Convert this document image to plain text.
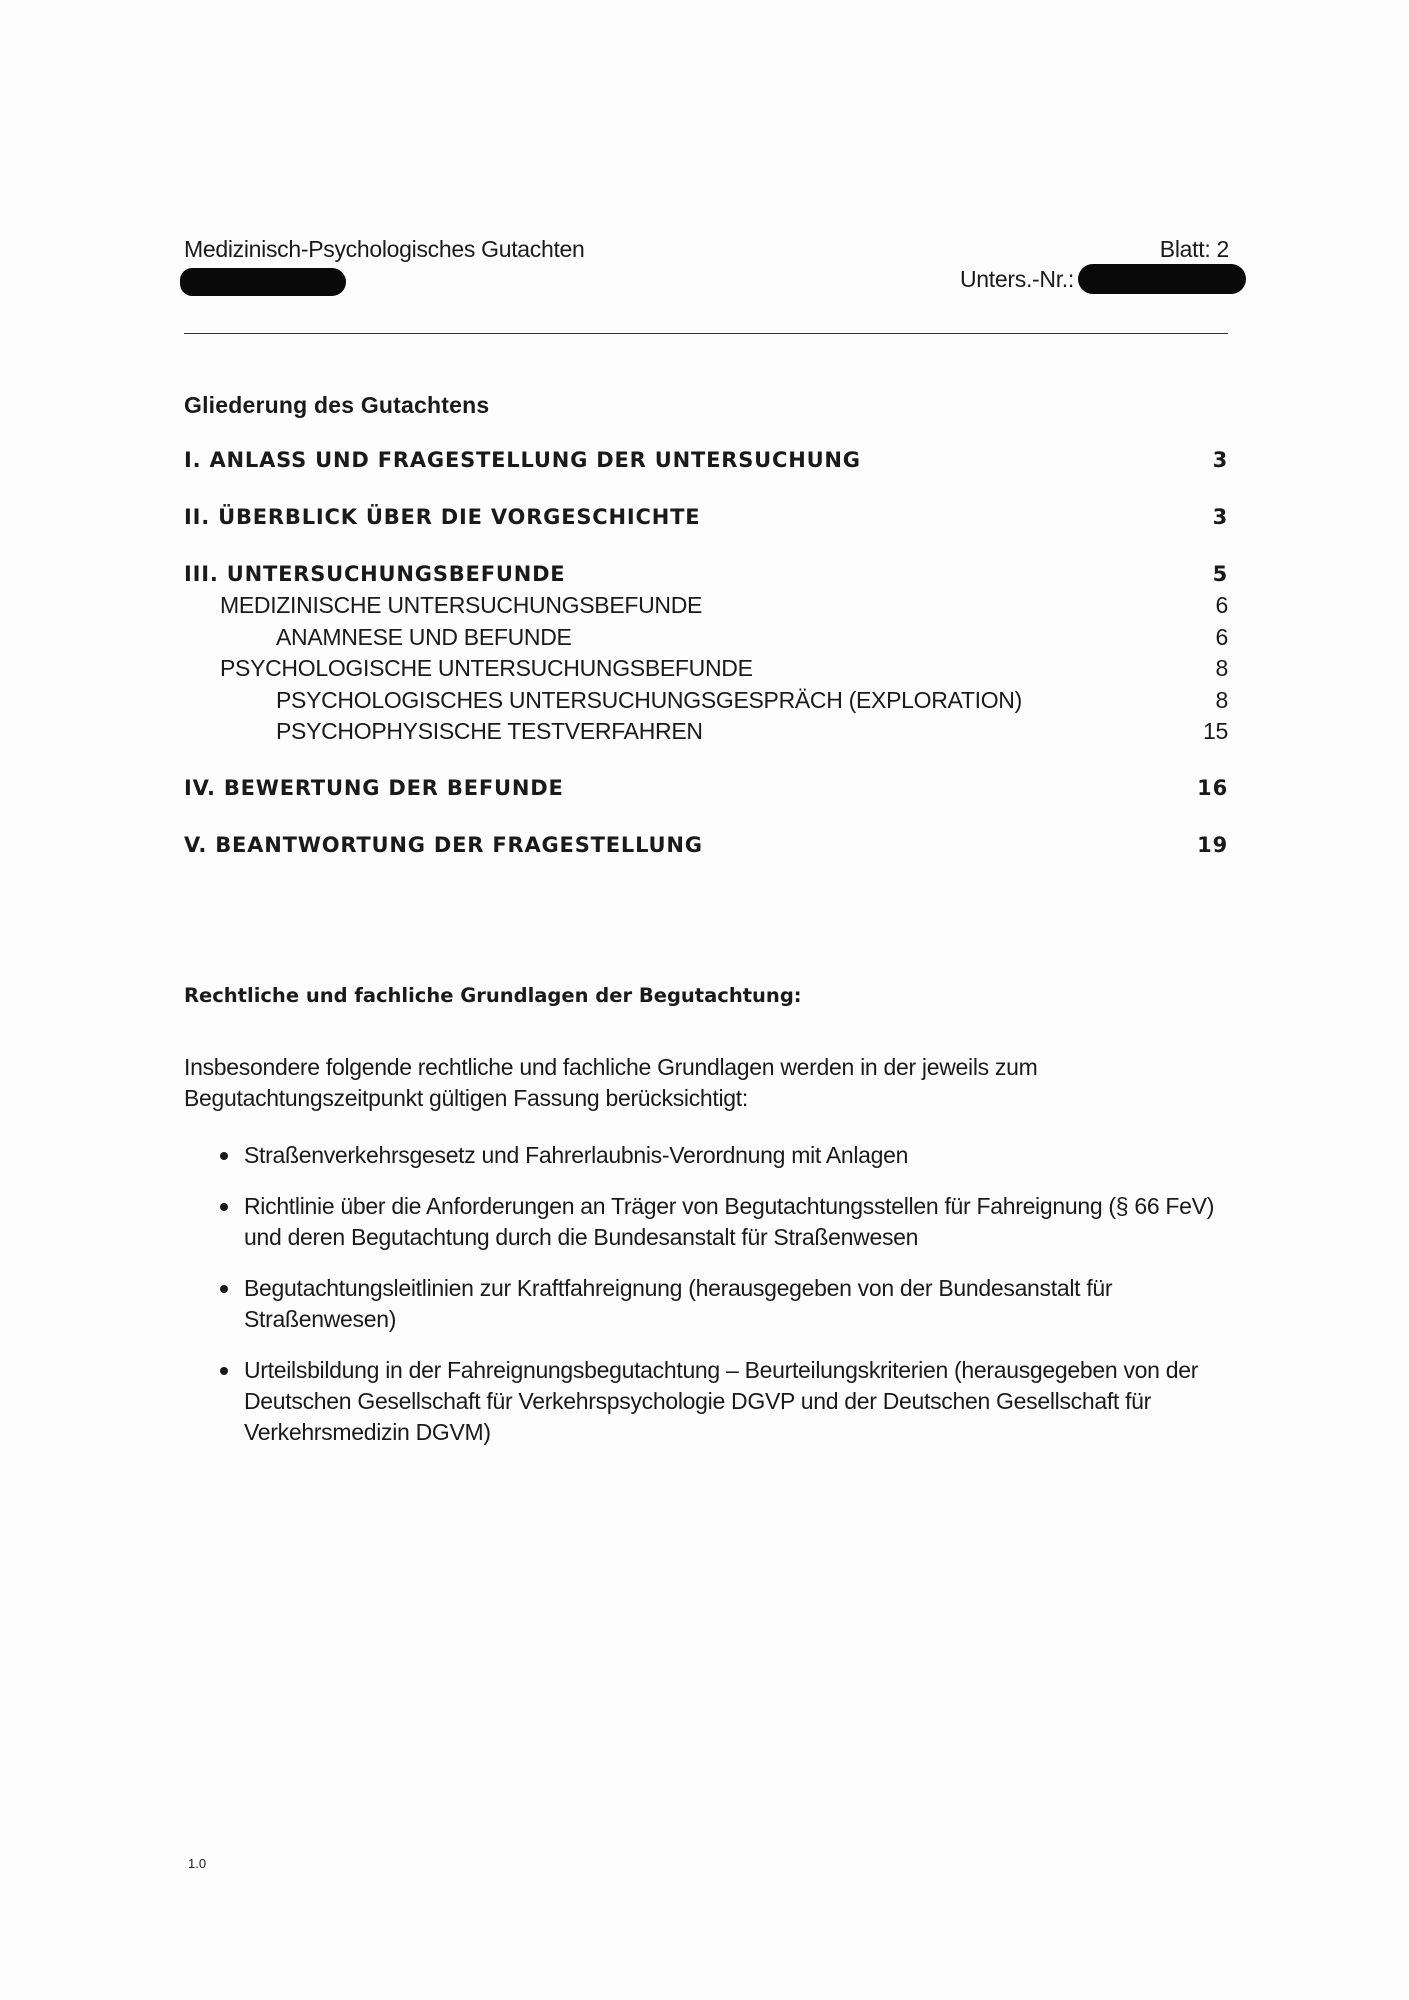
Medizinisch-Psychologisches Gutachten	Blatt: 2
Unters.-Nr.:
Gliederung des Gutachtens
I. ANLASS UND FRAGESTELLUNG DER UNTERSUCHUNG	3
II. ÜBERBLICK ÜBER DIE VORGESCHICHTE	3
III. UNTERSUCHUNGSBEFUNDE	5
MEDIZINISCHE UNTERSUCHUNGSBEFUNDE	6
ANAMNESE UND BEFUNDE	6
PSYCHOLOGISCHE UNTERSUCHUNGSBEFUNDE	8
PSYCHOLOGISCHES UNTERSUCHUNGSGESPRÄCH (EXPLORATION)	8
PSYCHOPHYSISCHE TESTVERFAHREN	15
IV. BEWERTUNG DER BEFUNDE	16
V. BEANTWORTUNG DER FRAGESTELLUNG	19
Rechtliche und fachliche Grundlagen der Begutachtung:
Insbesondere folgende rechtliche und fachliche Grundlagen werden in der jeweils zum Begutachtungszeitpunkt gültigen Fassung berücksichtigt:
Straßenverkehrsgesetz und Fahrerlaubnis-Verordnung mit Anlagen
Richtlinie über die Anforderungen an Träger von Begutachtungsstellen für Fahreignung (§ 66 FeV) und deren Begutachtung durch die Bundesanstalt für Straßenwesen
Begutachtungsleitlinien zur Kraftfahreignung (herausgegeben von der Bundesanstalt für Straßenwesen)
Urteilsbildung in der Fahreignungsbegutachtung – Beurteilungskriterien (herausgegeben von der Deutschen Gesellschaft für Verkehrspsychologie DGVP und der Deutschen Gesellschaft für Verkehrsmedizin DGVM)
1.0
